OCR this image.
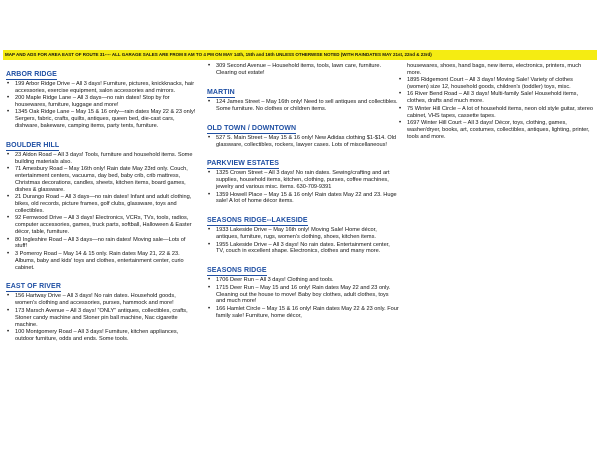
MAP AND ADS FOR AREA EAST OF ROUTE 31---- ALL GARAGE SALES ARE FROM 8 AM TO 4 PM ON MAY 14th, 15th and 16th UNLESS OTHERWISE NOTED (WITH RAINDATES MAY 21st, 22nd & 23rd)
ARBOR RIDGE
• 199 Arbor Ridge Drive – All 3 days! Furniture, pictures, knickknacks, hair accessories, exercise equipment, salon accessories and mirrors.
• 200 Maple Ridge Lane – All 3 days—no rain dates! Stop by for housewares, furniture, luggage and more!
• 1345 Oak Ridge Lane – May 15 & 16 only—rain dates May 22 & 23 only! Sergers, fabric, crafts, quilts, antiques, queen bed, die-cast cars, dishware, bakeware, camping items, party tents, furniture.
BOULDER HILL
• 23 Aldon Road – All 3 days! Tools, furniture and household items. Some building materials also.
• 71 Amesbury Road – May 16th only! Rain date May 23rd only. Couch, entertainment centers, vacuums, day bed, baby crib, crib mattress, Christmas decorations, candles, sheets, kitchen items, board games, dishes & glassware.
• 21 Durango Road – All 3 days—no rain dates! Infant and adult clothing, bikes, old records, picture frames, golf clubs, glassware, toys and collectibles.
• 92 Fernwood Drive – All 3 days! Electronics, VCRs, TVs, tools, radios, computer accessories, games, truck parts, softball, Halloween & Easter décor, table, furniture.
• 80 Ingleshire Road – All 3 days—no rain dates! Moving sale—Lots of stuff!
• 3 Pomeroy Road – May 14 & 15 only. Rain dates May 21, 22 & 23. Albums, baby and kids' toys and clothes, entertainment center, curio cabinet.
EAST OF RIVER
• 156 Hartway Drive – All 3 days! No rain dates. Household goods, women's clothing and accessories, purses, hammock and more!
• 173 Marsch Avenue – All 3 days! “ONLY” antiques, collectibles, crafts, Stoner candy machine and Stoner pin ball machine, Nac cigarette machine.
• 100 Montgomery Road – All 3 days! Furniture, kitchen appliances, outdoor furniture, odds and ends. Some tools.
• 309 Second Avenue – Household items, tools, lawn care, furniture. Clearing out estate!
MARTIN
• 124 James Street – May 16th only! Need to sell antiques and collectibles. Some furniture. No clothes or children items.
OLD TOWN / DOWNTOWN
• 527 S. Main Street – May 15 & 16 only! New Adidas clothing $1-$14. Old glassware, collectibles, rockers, lawyer cases. Lots of miscellaneous!
PARKVIEW ESTATES
• 1325 Crown Street – All 3 days! No rain dates. Sewing/crafting and art supplies, household items, kitchen, clothing, purses, coffee machines, jewelry and various misc. items. 630-709-9391
• 1359 Howell Place – May 15 & 16 only! Rain dates May 22 and 23. Huge sale! A lot of home décor items.
SEASONS RIDGE--LAKESIDE
• 1933 Lakeside Drive – May 16th only! Moving Sale! Home décor, antiques, furniture, rugs, women's clothing, shoes, kitchen items.
• 1955 Lakeside Drive – All 3 days! No rain dates. Entertainment center, TV, couch in excellent shape. Electronics, clothes and many more.
SEASONS RIDGE
• 1706 Deer Run – All 3 days! Clothing and tools.
• 1715 Deer Run – May 15 and 16 only! Rain dates May 22 and 23 only. Cleaning out the house to move! Baby boy clothes, adult clothes, toys and much more!
• 166 Hamlet Circle – May 15 & 16 only! Rain dates May 22 & 23 only. Four family sale! Furniture, home décor,
housewares, shoes, hand bags, new items, electronics, printers, much more.
• 1895 Ridgemont Court – All 3 days! Moving Sale! Variety of clothes (women) size 12, household goods, children's (toddler) toys, misc.
• 16 River Bend Road – All 3 days! Multi-family Sale! Household items, clothes, drafts and much more.
• 75 Winter Hill Circle – A lot of household items, neon old style guitar, stereo cabinet, VHS tapes, cassette tapes.
• 1697 Winter Hill Court – All 3 days! Décor, toys, clothing, games, washer/dryer, books, art, costumes, collectibles, antiques, lighting, printer, tools and more.
